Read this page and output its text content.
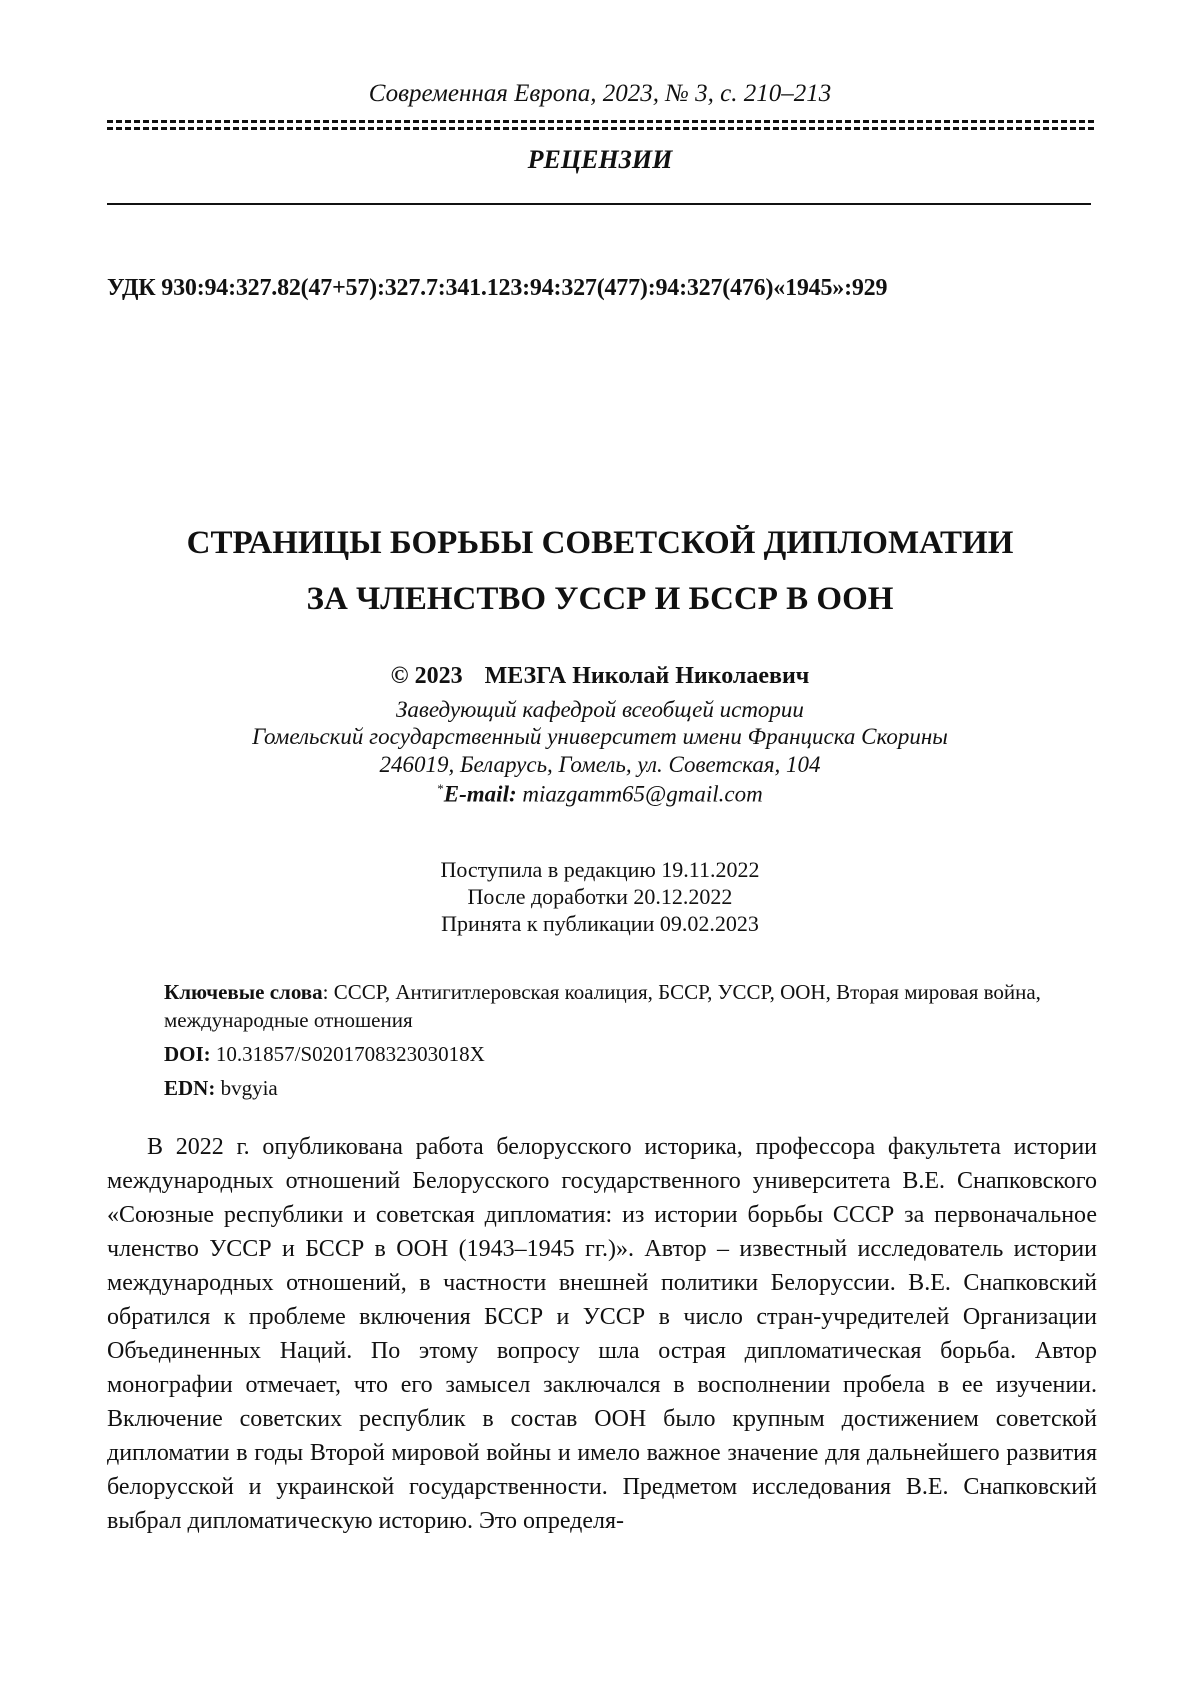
Современная Европа, 2023, № 3, с. 210–213
РЕЦЕНЗИИ
УДК 930:94:327.82(47+57):327.7:341.123:94:327(477):94:327(476)«1945»:929
СТРАНИЦЫ БОРЬБЫ СОВЕТСКОЙ ДИПЛОМАТИИ
ЗА ЧЛЕНСТВО УССР И БССР В ООН
© 2023 МЕЗГА Николай Николаевич
Заведующий кафедрой всеобщей истории
Гомельский государственный университет имени Франциска Скорины
246019, Беларусь, Гомель, ул. Советская, 104
*E-mail: miazgamm65@gmail.com
Поступила в редакцию 19.11.2022
После доработки 20.12.2022
Принята к публикации 09.02.2023
Ключевые слова: СССР, Антигитлеровская коалиция, БССР, УССР, ООН, Вторая мировая война, международные отношения
DOI: 10.31857/S020170832303018X
EDN: bvgyia
В 2022 г. опубликована работа белорусского историка, профессора факультета истории международных отношений Белорусского государственного университета В.Е. Снапковского «Союзные республики и советская дипломатия: из истории борьбы СССР за первоначальное членство УССР и БССР в ООН (1943–1945 гг.)». Автор – известный исследователь истории международных отношений, в частности внешней политики Белоруссии. В.Е. Снапковский обратился к проблеме включения БССР и УССР в число стран-учредителей Организации Объединенных Наций. По этому вопросу шла острая дипломатическая борьба. Автор монографии отмечает, что его замысел заключался в восполнении пробела в ее изучении. Включение советских республик в состав ООН было крупным достижением советской дипломатии в годы Второй мировой войны и имело важное значение для дальнейшего развития белорусской и украинской государственности. Предметом исследования В.Е. Снапковский выбрал дипломатическую историю. Это определя-
